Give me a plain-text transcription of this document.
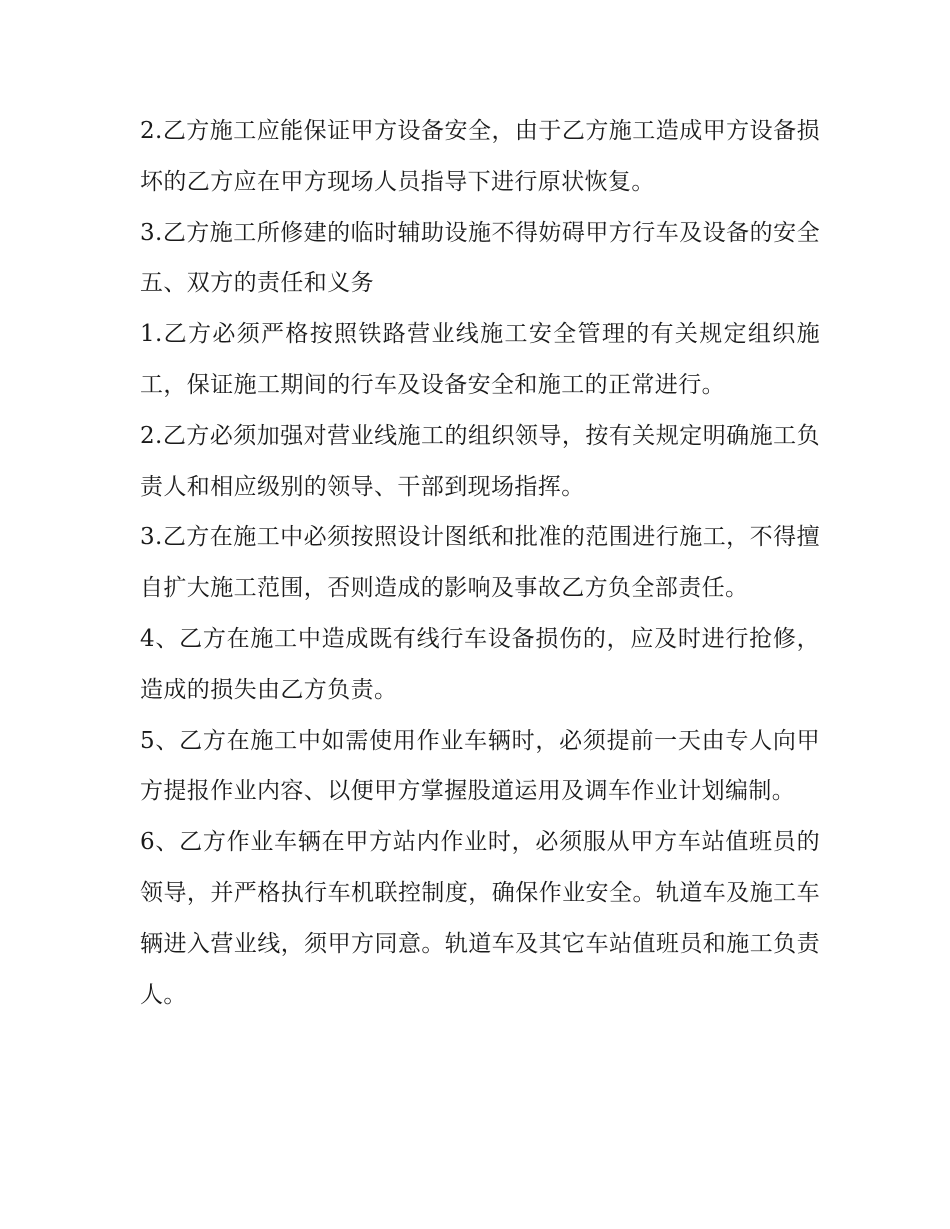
2.乙方施工应能保证甲方设备安全，由于乙方施工造成甲方设备损坏的乙方应在甲方现场人员指导下进行原状恢复。

3.乙方施工所修建的临时辅助设施不得妨碍甲方行车及设备的安全 五、双方的责任和义务

1.乙方必须严格按照铁路营业线施工安全管理的有关规定组织施工，保证施工期间的行车及设备安全和施工的正常进行。

2.乙方必须加强对营业线施工的组织领导，按有关规定明确施工负责人和相应级别的领导、干部到现场指挥。

3.乙方在施工中必须按照设计图纸和批准的范围进行施工，不得擅自扩大施工范围，否则造成的影响及事故乙方负全部责任。

4、乙方在施工中造成既有线行车设备损伤的，应及时进行抢修，造成的损失由乙方负责。

5、乙方在施工中如需使用作业车辆时，必须提前一天由专人向甲方提报作业内容、以便甲方掌握股道运用及调车作业计划编制。

6、乙方作业车辆在甲方站内作业时，必须服从甲方车站值班员的领导，并严格执行车机联控制度，确保作业安全。轨道车及施工车辆进入营业线，须甲方同意。轨道车及其它车站值班员和施工负责人。
